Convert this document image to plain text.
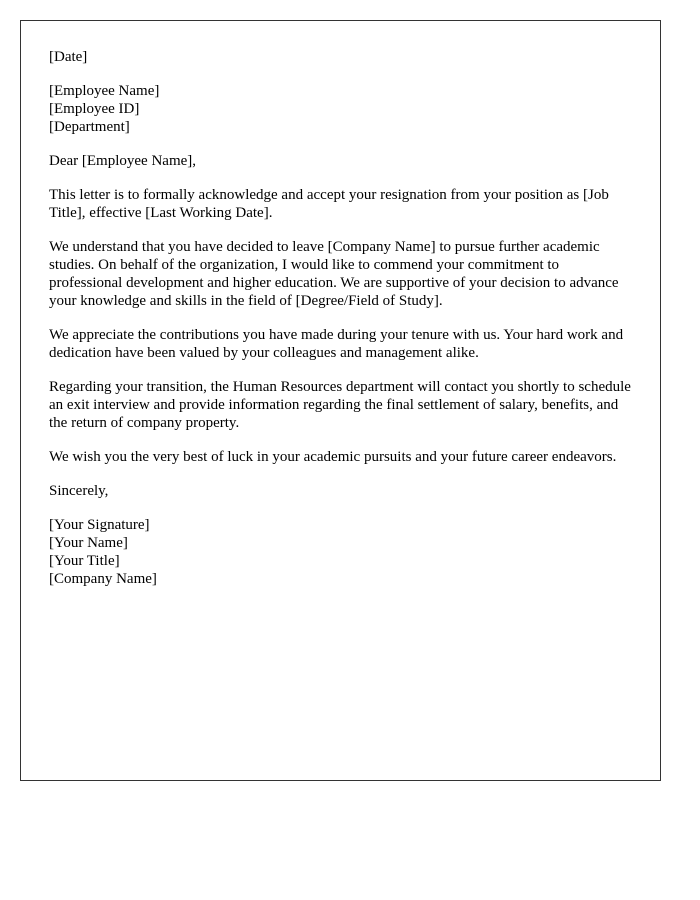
[Date]

[Employee Name]
[Employee ID]
[Department]

Dear [Employee Name],

This letter is to formally acknowledge and accept your resignation from your position as [Job Title], effective [Last Working Date].

We understand that you have decided to leave [Company Name] to pursue further academic studies. On behalf of the organization, I would like to commend your commitment to professional development and higher education. We are supportive of your decision to advance your knowledge and skills in the field of [Degree/Field of Study].

We appreciate the contributions you have made during your tenure with us. Your hard work and dedication have been valued by your colleagues and management alike.

Regarding your transition, the Human Resources department will contact you shortly to schedule an exit interview and provide information regarding the final settlement of salary, benefits, and the return of company property.

We wish you the very best of luck in your academic pursuits and your future career endeavors.

Sincerely,

[Your Signature]
[Your Name]
[Your Title]
[Company Name]
